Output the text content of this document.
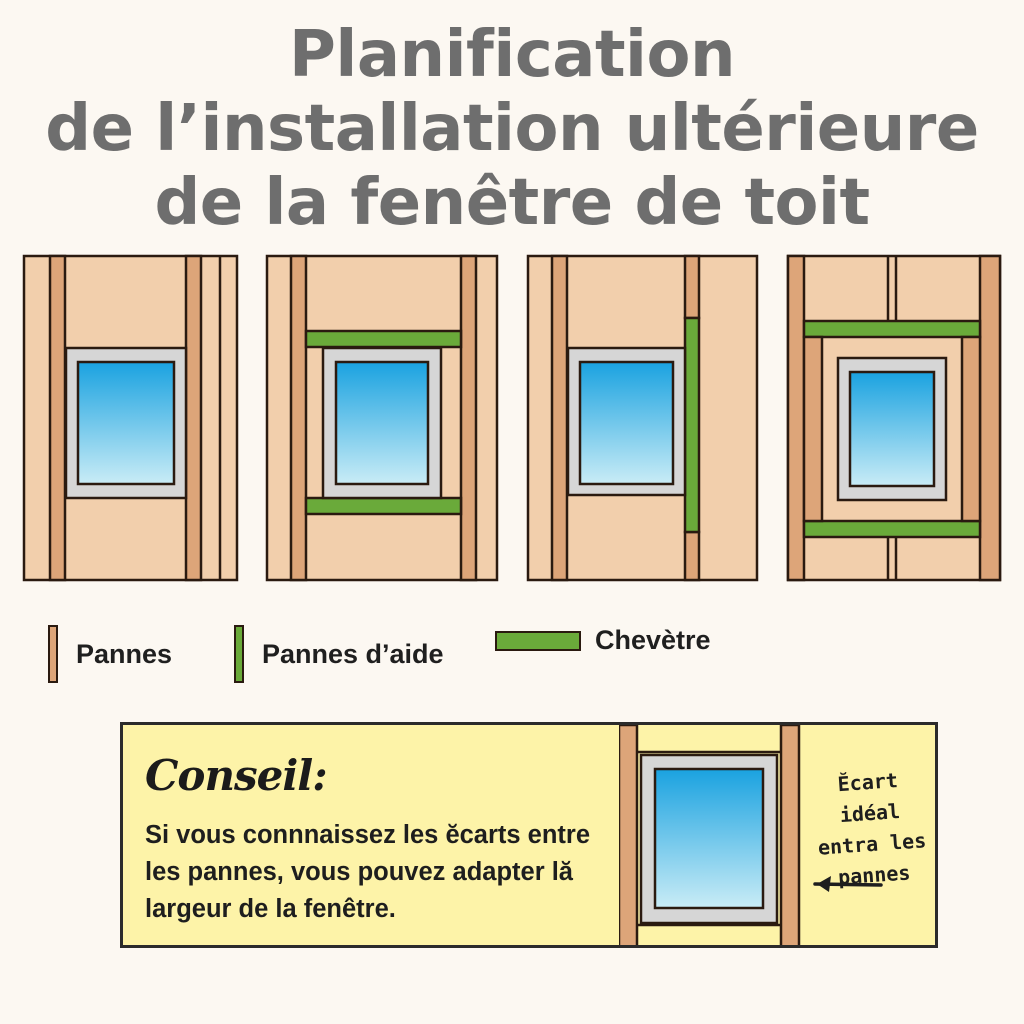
Planification
de l’installation ultérieure
de la fenêtre de toit
Pannes	Pannes d’aide	Chevètre
Conseil:
Si vous connnaissez les ĕcarts entre les pannes, vous pouvez adapter lă largeur de la fenêtre.
Ĕcart idéal entra les pannes
